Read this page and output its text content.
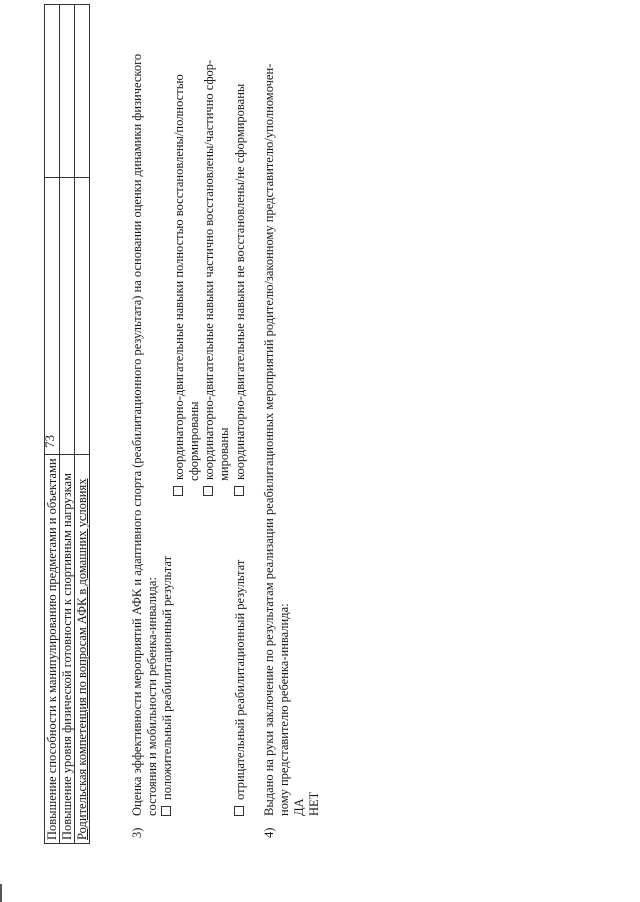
73
Повышение способности к манипулированию предметами и объектами		
Повышение уровня физической готовности к спортивным нагрузкам		
Родительская компетенция по вопросам АФК в домашних условиях			3)
Оценка эффективности мероприятий АФК и адаптивного спорта (реабилитационного результата) на основании оценки динамики физического состояния и мобильности ребенка-инвалида: положительный реабилитационный результат
координаторно-двигательные навыки полностью восстановлены/полностью сформированы координаторно-двигательные навыки частично восстановлены/частично сфор- мированы
отрицательный реабилитационный результат
координаторно-двигательные навыки не восстановлены/не сформированы
4)
Выдано на руки заключение по результатам реализации реабилитационных мероприятий родителю/законному представителю/уполномочен- ному представителю ребенка-инвалида: ДА НЕТ
